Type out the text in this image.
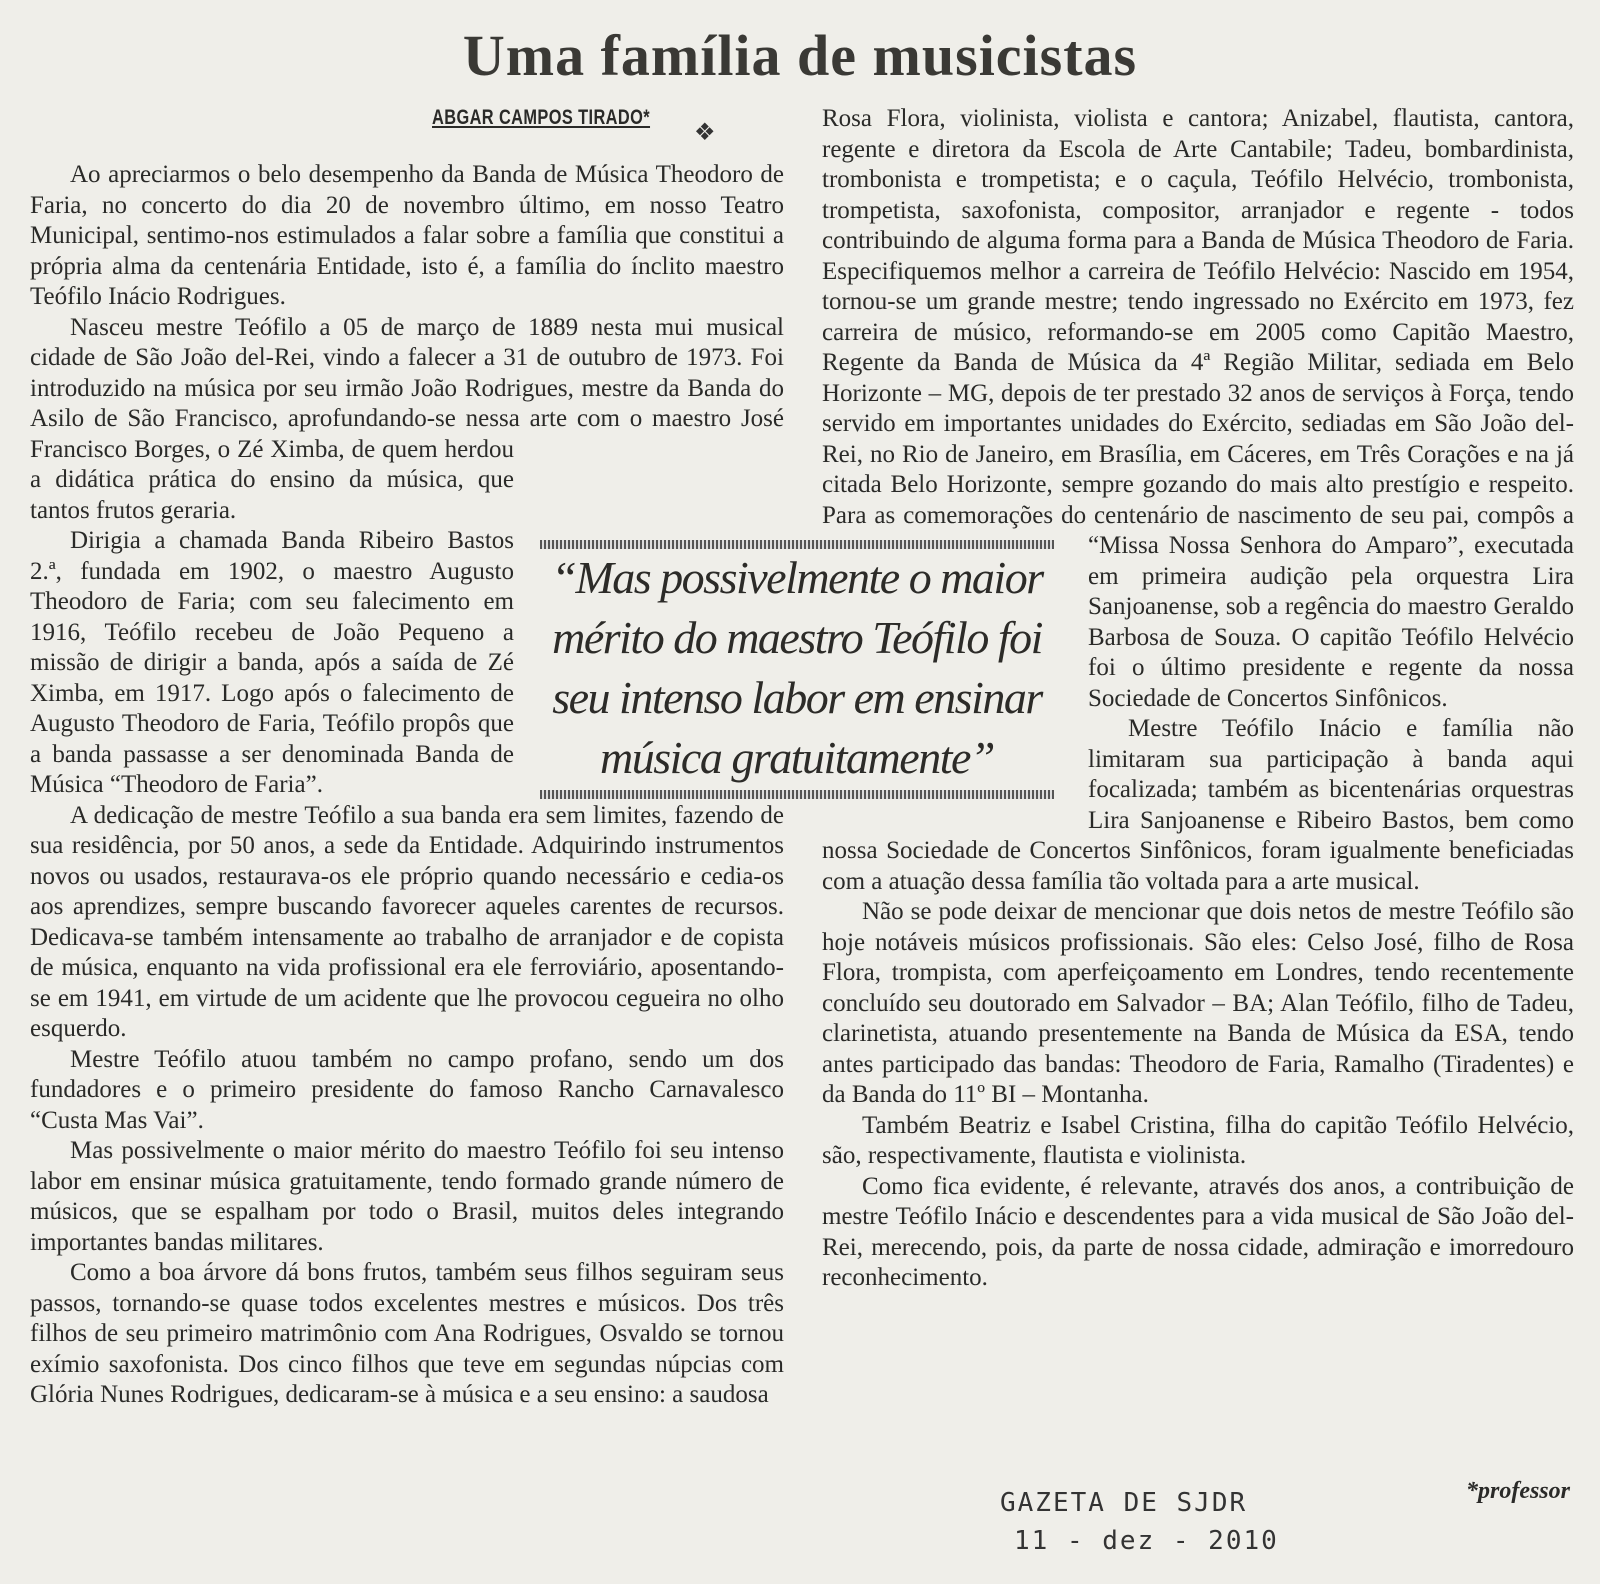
Uma família de musicistas
ABGAR CAMPOS TIRADO*
❖

Ao apreciarmos o belo desempenho da Banda de Música Theodoro de Faria, no concerto do dia 20 de novembro último, em nosso Teatro Municipal, sentimo-nos estimulados a falar sobre a família que constitui a própria alma da centenária Entidade, isto é, a família do ínclito maestro Teófilo Inácio Rodrigues.

Nasceu mestre Teófilo a 05 de março de 1889 nesta mui musical cidade de São João del-Rei, vindo a falecer a 31 de outubro de 1973. Foi introduzido na música por seu irmão João Rodrigues, mestre da Banda do Asilo de São Francisco, aprofundando-se nessa arte com o maestro José Francisco Borges, o Zé Ximba, de quem herdou a didática prática do ensino da música, que tantos frutos geraria.

Dirigia a chamada Banda Ribeiro Bastos 2.ª, fundada em 1902, o maestro Augusto Theodoro de Faria; com seu falecimento em 1916, Teófilo recebeu de João Pequeno a missão de dirigir a banda, após a saída de Zé Ximba, em 1917. Logo após o falecimento de Augusto Theodoro de Faria, Teófilo propôs que a banda passasse a ser denominada Banda de Música “Theodoro de Faria”.

A dedicação de mestre Teófilo a sua banda era sem limites, fazendo de sua residência, por 50 anos, a sede da Entidade. Adquirindo instrumentos novos ou usados, restaurava-os ele próprio quando necessário e cedia-os aos aprendizes, sempre buscando favorecer aqueles carentes de recursos. Dedicava-se também intensamente ao trabalho de arranjador e de copista de música, enquanto na vida profissional era ele ferroviário, aposentando-se em 1941, em virtude de um acidente que lhe provocou cegueira no olho esquerdo.

Mestre Teófilo atuou também no campo profano, sendo um dos fundadores e o primeiro presidente do famoso Rancho Carnavalesco “Custa Mas Vai”.

Mas possivelmente o maior mérito do maestro Teófilo foi seu intenso labor em ensinar música gratuitamente, tendo formado grande número de músicos, que se espalham por todo o Brasil, muitos deles integrando importantes bandas militares.

Como a boa árvore dá bons frutos, também seus filhos seguiram seus passos, tornando-se quase todos excelentes mestres e músicos. Dos três filhos de seu primeiro matrimônio com Ana Rodrigues, Osvaldo se tornou exímio saxofonista. Dos cinco filhos que teve em segundas núpcias com Glória Nunes Rodrigues, dedicaram-se à música e a seu ensino: a saudosa

Rosa Flora, violinista, violista e cantora; Anizabel, flautista, cantora, regente e diretora da Escola de Arte Cantabile; Tadeu, bombardinista, trombonista e trompetista; e o caçula, Teófilo Helvécio, trombonista, trompetista, saxofonista, compositor, arranjador e regente - todos contribuindo de alguma forma para a Banda de Música Theodoro de Faria. Especifiquemos melhor a carreira de Teófilo Helvécio: Nascido em 1954, tornou-se um grande mestre; tendo ingressado no Exército em 1973, fez carreira de músico, reformando-se em 2005 como Capitão Maestro, Regente da Banda de Música da 4ª Região Militar, sediada em Belo Horizonte – MG, depois de ter prestado 32 anos de serviços à Força, tendo servido em importantes unidades do Exército, sediadas em São João del-Rei, no Rio de Janeiro, em Brasília, em Cáceres, em Três Corações e na já citada Belo Horizonte, sempre gozando do mais alto prestígio e respeito. Para as comemorações do centenário de nascimento de seu pai, compôs a “Missa Nossa Senhora do Amparo”, executada em primeira audição pela orquestra Lira Sanjoanense, sob a regência do maestro Geraldo Barbosa de Souza. O capitão Teófilo Helvécio foi o último presidente e regente da nossa Sociedade de Concertos Sinfônicos.

Mestre Teófilo Inácio e família não limitaram sua participação à banda aqui focalizada; também as bicentenárias orquestras Lira Sanjoanense e Ribeiro Bastos, bem como nossa Sociedade de Concertos Sinfônicos, foram igualmente beneficiadas com a atuação dessa família tão voltada para a arte musical.

Não se pode deixar de mencionar que dois netos de mestre Teófilo são hoje notáveis músicos profissionais. São eles: Celso José, filho de Rosa Flora, trompista, com aperfeiçoamento em Londres, tendo recentemente concluído seu doutorado em Salvador – BA; Alan Teófilo, filho de Tadeu, clarinetista, atuando presentemente na Banda de Música da ESA, tendo antes participado das bandas: Theodoro de Faria, Ramalho (Tiradentes) e da Banda do 11º BI – Montanha.

Também Beatriz e Isabel Cristina, filha do capitão Teófilo Helvécio, são, respectivamente, flautista e violinista.

Como fica evidente, é relevante, através dos anos, a contribuição de mestre Teófilo Inácio e descendentes para a vida musical de São João del-Rei, merecendo, pois, da parte de nossa cidade, admiração e imorredouro reconhecimento.

“Mas possivelmente o maior mérito do maestro Teófilo foi seu intenso labor em ensinar música gratuitamente”
*professor
GAZETA DE SJDR
11 - dez - 2010
